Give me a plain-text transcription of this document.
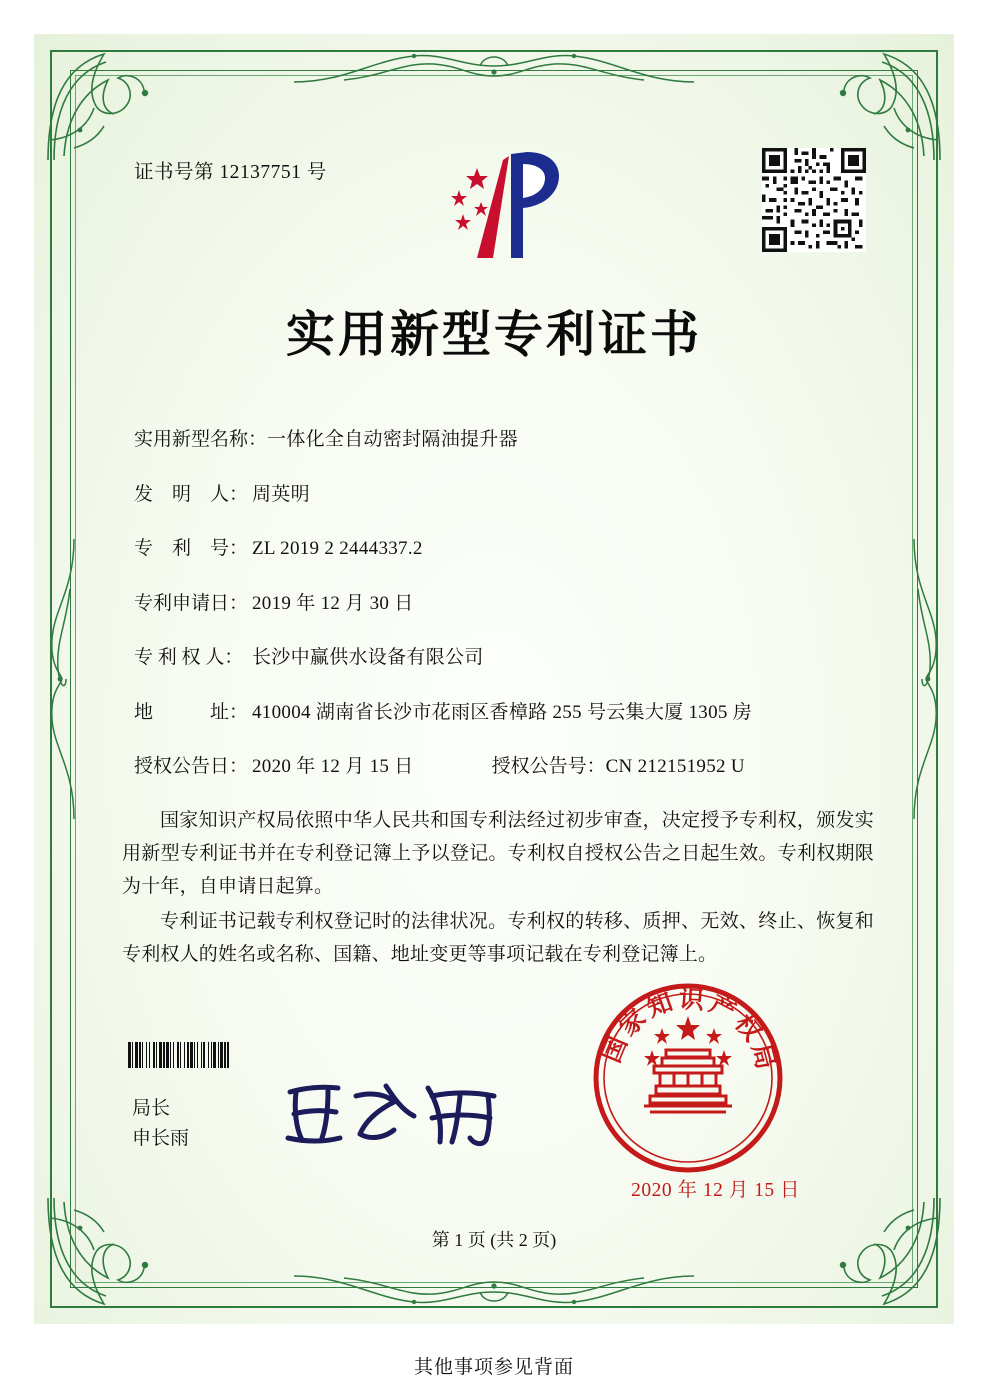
证书号第 12137751 号
实用新型专利证书
实用新型名称： 一体化全自动密封隔油提升器
发　明　人： 周英明
专　利　号： ZL 2019 2 2444337.2
专利申请日： 2019 年 12 月 30 日
专 利 权 人： 长沙中赢供水设备有限公司
地　　　址： 410004 湖南省长沙市花雨区香樟路 255 号云集大厦 1305 房
授权公告日： 2020 年 12 月 15 日	授权公告号： CN 212151952 U

国家知识产权局依照中华人民共和国专利法经过初步审查，决定授予专利权，颁发实用新型专利证书并在专利登记簿上予以登记。专利权自授权公告之日起生效。专利权期限为十年，自申请日起算。

专利证书记载专利权登记时的法律状况。专利权的转移、质押、无效、终止、恢复和专利权人的姓名或名称、国籍、地址变更等事项记载在专利登记簿上。

局长
申长雨
国家知识产权局
2020 年 12 月 15 日
第 1 页 (共 2 页)
其他事项参见背面
